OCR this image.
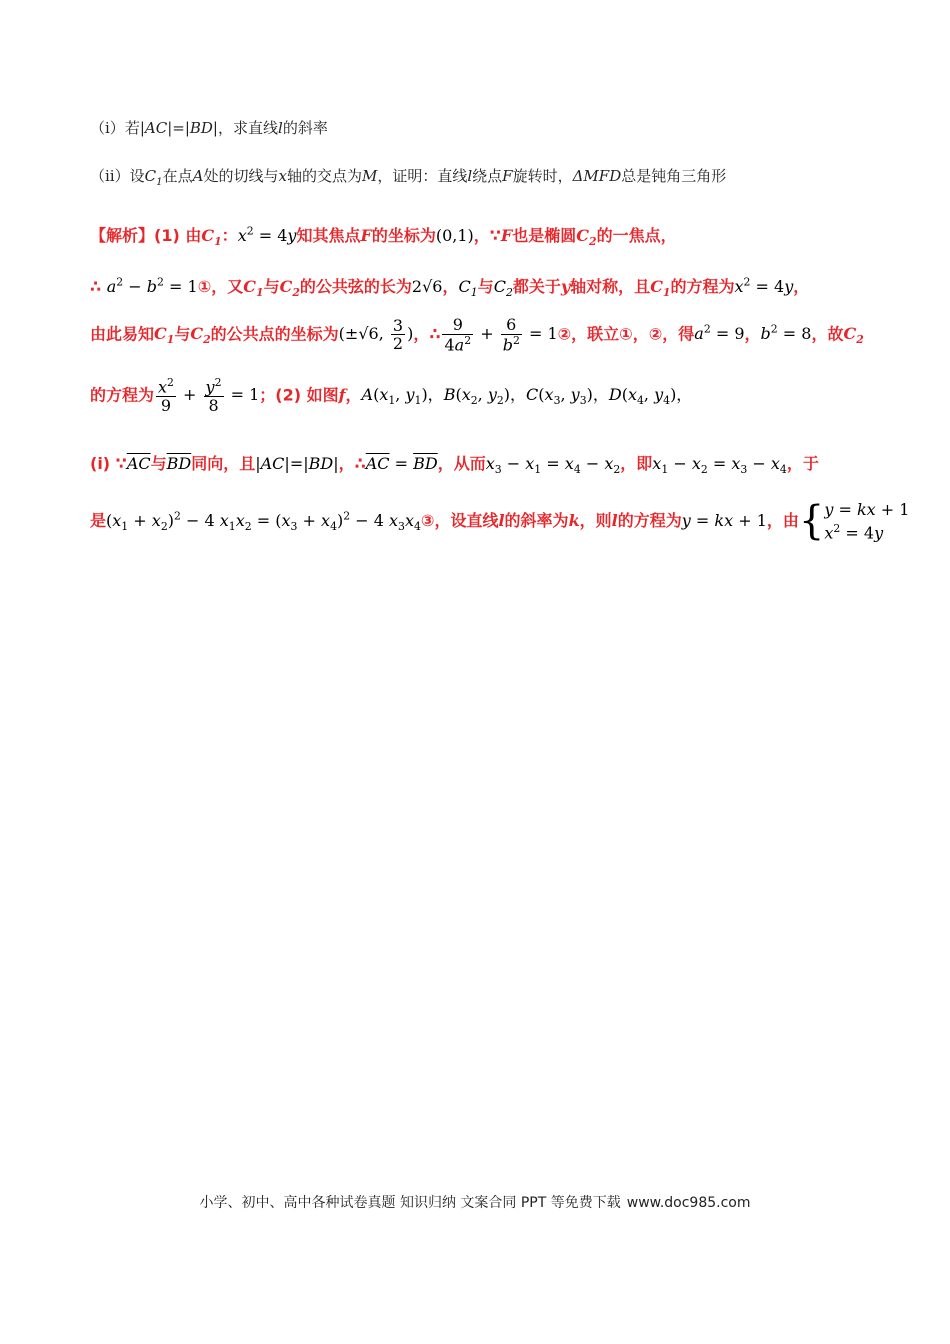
（ⅰ）若|AC|=|BD|，求直线l的斜率
（ⅱ）设$C_1$在点A处的切线与x轴的交点为M，证明：直线l绕点F旋转时，ΔMFD总是钝角三角形
【解析】(1) 由$C_1$：$x^2 = 4y$知其焦点F的坐标为(0,1)，∵F也是椭圆$C_2$的一焦点，
∴ $a^2 - b^2$ = 1①，又$C_1$与$C_2$的公共弦的长为2√6，$C_1$与$C_2$都关于y轴对称，且$C_1$的方程为$x^2 = 4y$，
由此易知$C_1$与$C_2$的公共点的坐标为(±√6, $\frac{3}{2}$ )，∴ $\frac{9}{4a^2} + \frac{6}{b^2}$ = 1②，联立①，②，得$a^2 = 9$，$b^2 = 8$，故$C_2$
的方程为 $\frac{x^2}{9} + \frac{y^2}{8} = 1$；(2) 如图f，$A(x_1$, $y_1$)，$B(x_2$, $y_2$)，$C(x_3$, $y_3$)，$D(x_4$, $y_4$)，
(i) $\because\overline{AC}$与$\overline{BD}$同向，且|AC|=|BD|，$\therefore\overline{AC} = \overline{BD}$，从而$x_3 - x_1 = x_4 - x_2$，即$x_1 - x_2 = x_3 - x_4$，于
是$(x_1 + x_2)^2 - 4$ $x_1x_2 = (x_3 + x_4)^2 - 4$ $x_3x_4③$，设直线l的斜率为k，则l的方程为y = kx + 1，由{ y = kx + 1
$x^2 = 4y$
小学、初中、高中各种试卷真题 知识归纳 文案合同 PPT 等免费下载 www.doc985.com
